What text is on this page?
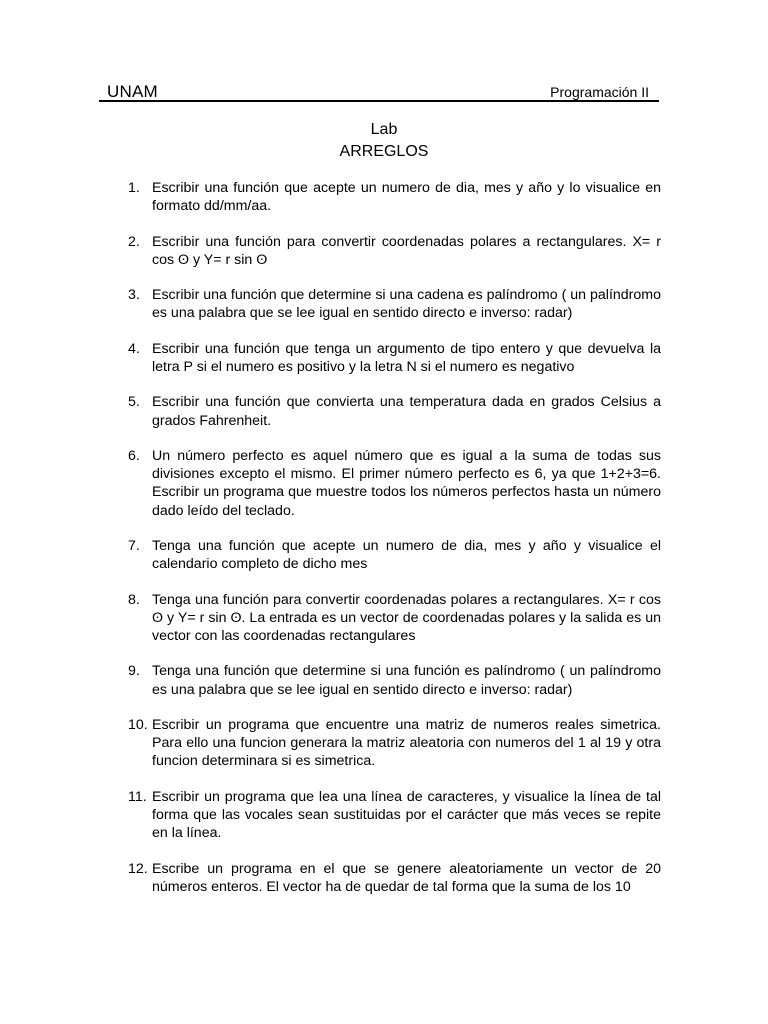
UNAM	Programación II
Lab
ARREGLOS
1. Escribir una función que acepte un numero de dia, mes y año y lo visualice en formato dd/mm/aa.
2. Escribir una función para convertir coordenadas polares a rectangulares. X= r cos ʘ y Y= r sin ʘ
3. Escribir una función que determine si una cadena es palíndromo ( un palíndromo es una palabra que se lee igual en sentido directo e inverso: radar)
4. Escribir una función que tenga un argumento de tipo entero y que devuelva la letra P si el numero es positivo y la letra N si el numero es negativo
5. Escribir una función que convierta una temperatura dada en grados Celsius a grados Fahrenheit.
6. Un número perfecto es aquel número que es igual a la suma de todas sus divisiones excepto el mismo. El primer número perfecto es 6, ya que 1+2+3=6. Escribir un programa que muestre todos los números perfectos hasta un número dado leído del teclado.
7. Tenga una función que acepte un numero de dia, mes y año y visualice el calendario completo de dicho mes
8. Tenga una función para convertir coordenadas polares a rectangulares. X= r cos ʘ y Y= r sin ʘ. La entrada es un vector de coordenadas polares y la salida es un vector con las coordenadas rectangulares
9. Tenga una función que determine si una función es palíndromo ( un palíndromo es una palabra que se lee igual en sentido directo e inverso: radar)
10. Escribir un programa que encuentre una matriz de numeros reales simetrica. Para ello una funcion generara la matriz aleatoria con numeros del 1 al 19 y otra funcion determinara si es simetrica.
11. Escribir un programa que lea una línea de caracteres, y visualice la línea de tal forma que las vocales sean sustituidas por el carácter que más veces se repite en la línea.
12. Escribe un programa en el que se genere aleatoriamente un vector de 20 números enteros. El vector ha de quedar de tal forma que la suma de los 10
